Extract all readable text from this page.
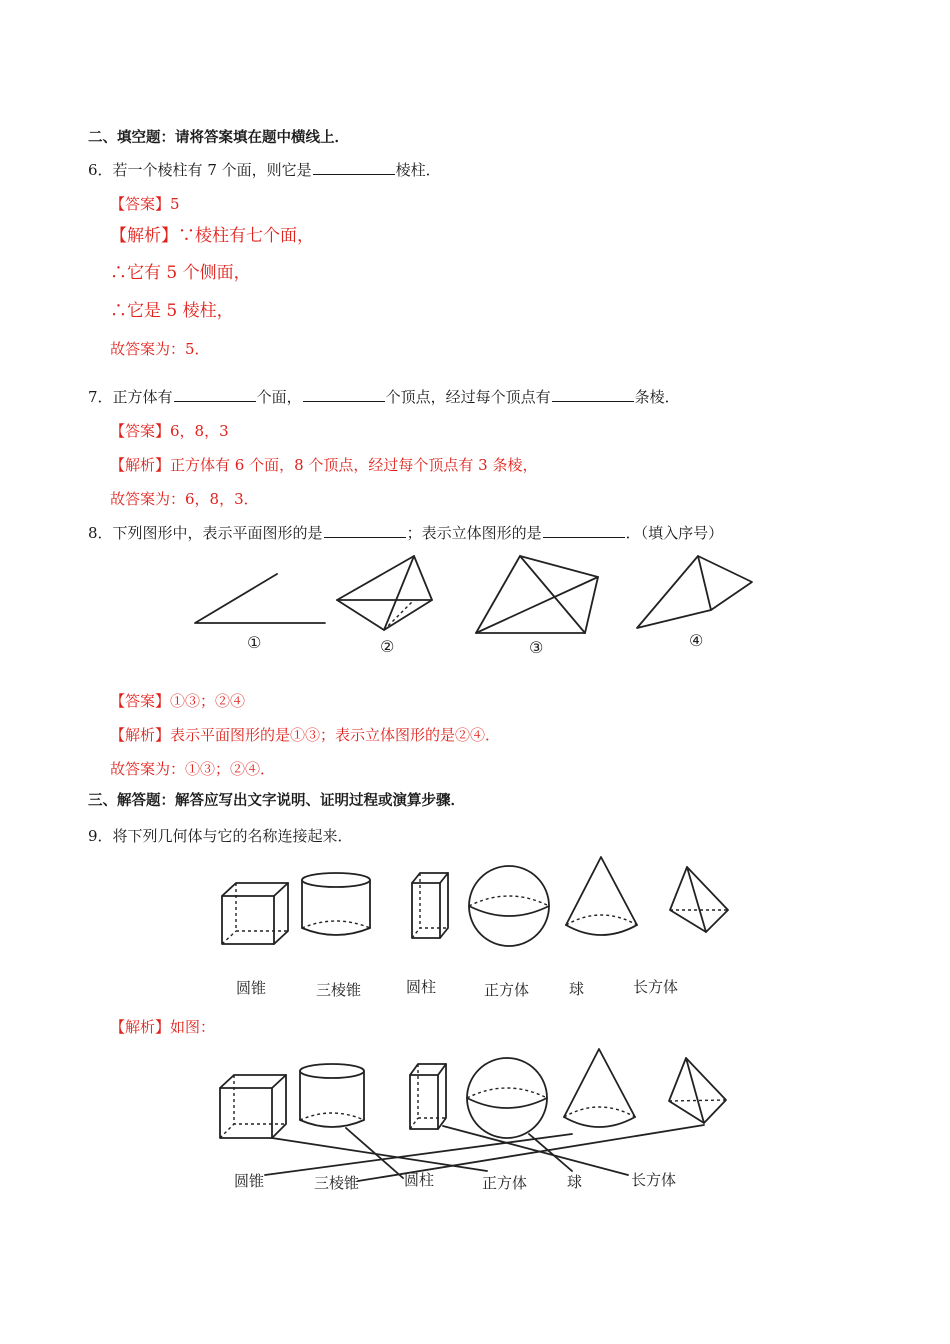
二、填空题：请将答案填在题中横线上．
6．若一个棱柱有 7 个面，则它是	棱柱．
【答案】5
【解析】∵棱柱有七个面，
∴它有 5 个侧面，
∴它是 5 棱柱，
故答案为：5．
7．正方体有	个面，	个顶点，经过每个顶点有	条棱．
【答案】6，8，3
【解析】正方体有 6 个面，8 个顶点，经过每个顶点有 3 条棱，
故答案为：6，8，3．
8．下列图形中，表示平面图形的是	；表示立体图形的是	．（填入序号）
①	②	③	④
【答案】①③；②④
【解析】表示平面图形的是①③；表示立体图形的是②④．
故答案为：①③；②④．
三、解答题：解答应写出文字说明、证明过程或演算步骤．
9．将下列几何体与它的名称连接起来．
圆锥	三棱锥	圆柱	正方体	球	长方体
【解析】如图：
圆锥	三棱锥	圆柱	正方体	球	长方体
